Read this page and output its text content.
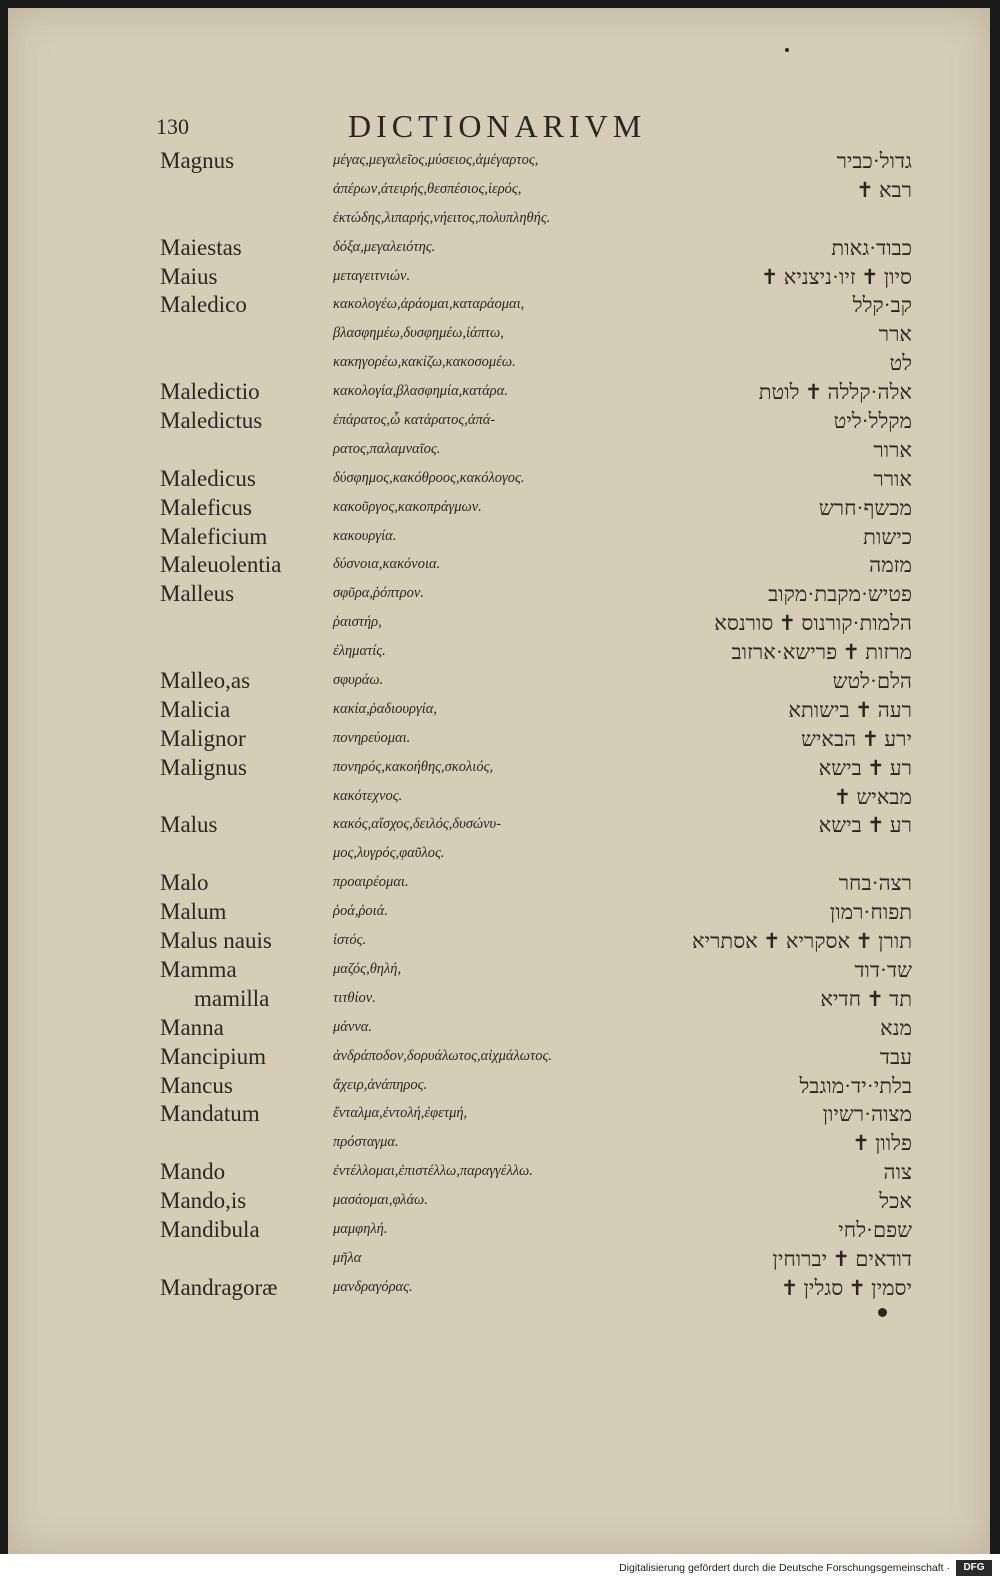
130	DICTIONARIVM
Magnus	μέγας,μεγαλεῖος,μύσειος,ἀμέγαρτος,	גדול·כביר
ἀπέρων,ἀτειρής,θεσπέσιος,ἱερός,	רבא ✝
ἐκτώδης,λιπαρής,νήειτος,πολυπληθής.
Maiestas	δόξα,μεγαλειότης.	כבוד·גאות
Maius	μεταγειτνιών.	סיון ✝ זיו·ניצניא ✝
Maledico	κακολογέω,ἀράομαι,καταράομαι,	קב·קלל
βλασφημέω,δυσφημέω,ἰάπτω,	ארר
κακηγορέω,κακίζω,κακοσομέω.	לט
Maledictio	κακολογία,βλασφημία,κατάρα.	אלה·קללה ✝ לוטת
Maledictus	ἐπάρατος,ὦ κατάρατος,ἀπά-	מקלל·ליט
ρατος,παλαμναῖος.	ארור
Maledicus	δύσφημος,κακόθροος,κακόλογος.	אורר
Maleficus	κακοῦργος,κακοπράγμων.	מכשף·חרש
Maleficium	κακουργία.	כישות
Maleuolentia	δύσνοια,κακόνοια.	מזמה
Malleus	σφῦρα,ῥόπτρον.	פטיש·מקבת·מקוב
ῥαιστήρ,	הלמות·קורנוס ✝ סורנסא
ἐληματίς.	מרזות ✝ פרישא·ארזוב
Malleo,as	σφυράω.	הלם·לטש
Malicia	κακία,ῥαδιουργία,	רעה ✝ בישותא
Malignor	πονηρεύομαι.	ירע ✝ הבאיש
Malignus	πονηρός,κακοήθης,σκολιός,	רע ✝ בישא
κακότεχνος.	מבאיש ✝
Malus	κακός,αἴσχος,δειλός,δυσώνυ-	רע ✝ בישא
μος,λυγρός,φαῦλος.
Malo	προαιρέομαι.	רצה·בחר
Malum	ῥοά,ῥοιά.	תפוח·רמון
Malus nauis	ἱστός.	תורן ✝ אסקריא ✝ אסתריא
Mamma	μαζός,θηλή,	שד·דוד
mamilla	τιτθίον.	תד ✝ חדיא
Manna	μάννα.	מנא
Mancipium	ἀνδράποδον,δορυάλωτος,αἰχμάλωτος.	עבד
Mancus	ἄχειρ,ἀνάπηρος.	בלתי·יד·מוגבל
Mandatum	ἔνταλμα,ἐντολή,ἐφετμή,	מצוה·רשיון
πρόσταγμα.	פלוון ✝
Mando	ἐντέλλομαι,ἐπιστέλλω,παραγγέλλω.	צוה
Mando,is	μασάομαι,φλάω.	אכל
Mandibula	μαμφηλή.	שפם·לחי
μῆλα	דודאים ✝ יברוחין
Mandragoræ	μανδραγόρας.	יסמין ✝ סגלין ✝
Digitalisierung gefördert durch die Deutsche Forschungsgemeinschaft ·	DFG
